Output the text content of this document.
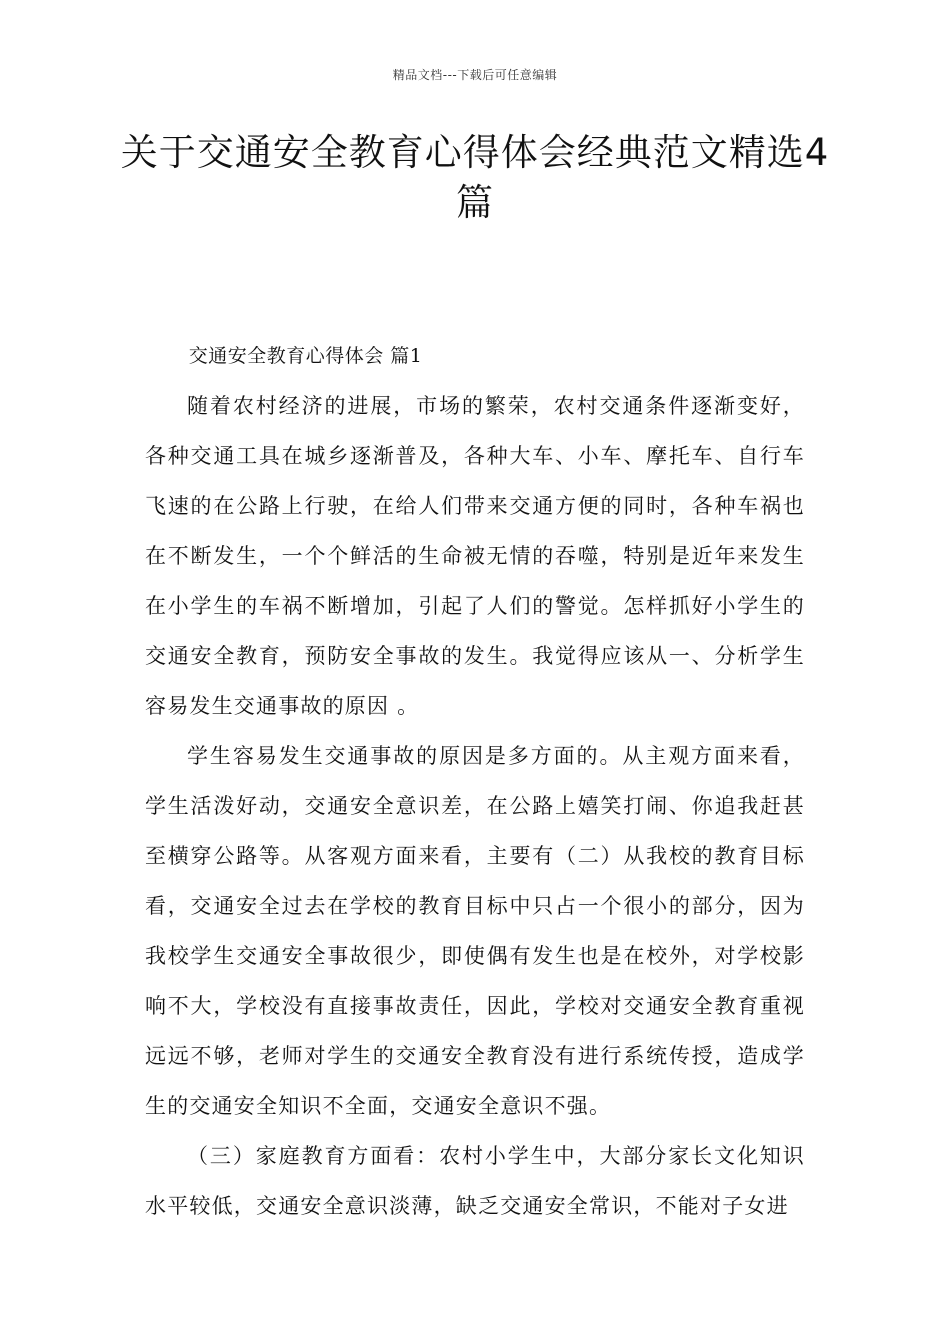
精品文档---下载后可任意编辑
关于交通安全教育心得体会经典范文精选4篇

交通安全教育心得体会 篇1

随着农村经济的进展，市场的繁荣，农村交通条件逐渐变好，各种交通工具在城乡逐渐普及，各种大车、小车、摩托车、自行车飞速的在公路上行驶，在给人们带来交通方便的同时，各种车祸也在不断发生，一个个鲜活的生命被无情的吞噬，特别是近年来发生在小学生的车祸不断增加，引起了人们的警觉。怎样抓好小学生的交通安全教育，预防安全事故的发生。我觉得应该从一、分析学生容易发生交通事故的原因 。

学生容易发生交通事故的原因是多方面的。从主观方面来看，学生活泼好动，交通安全意识差，在公路上嬉笑打闹、你追我赶甚至横穿公路等。从客观方面来看，主要有（二）从我校的教育目标看，交通安全过去在学校的教育目标中只占一个很小的部分，因为我校学生交通安全事故很少，即使偶有发生也是在校外，对学校影响不大，学校没有直接事故责任，因此，学校对交通安全教育重视远远不够，老师对学生的交通安全教育没有进行系统传授，造成学生的交通安全知识不全面，交通安全意识不强。

（三）家庭教育方面看：农村小学生中，大部分家长文化知识水平较低，交通安全意识淡薄，缺乏交通安全常识，不能对子女进
